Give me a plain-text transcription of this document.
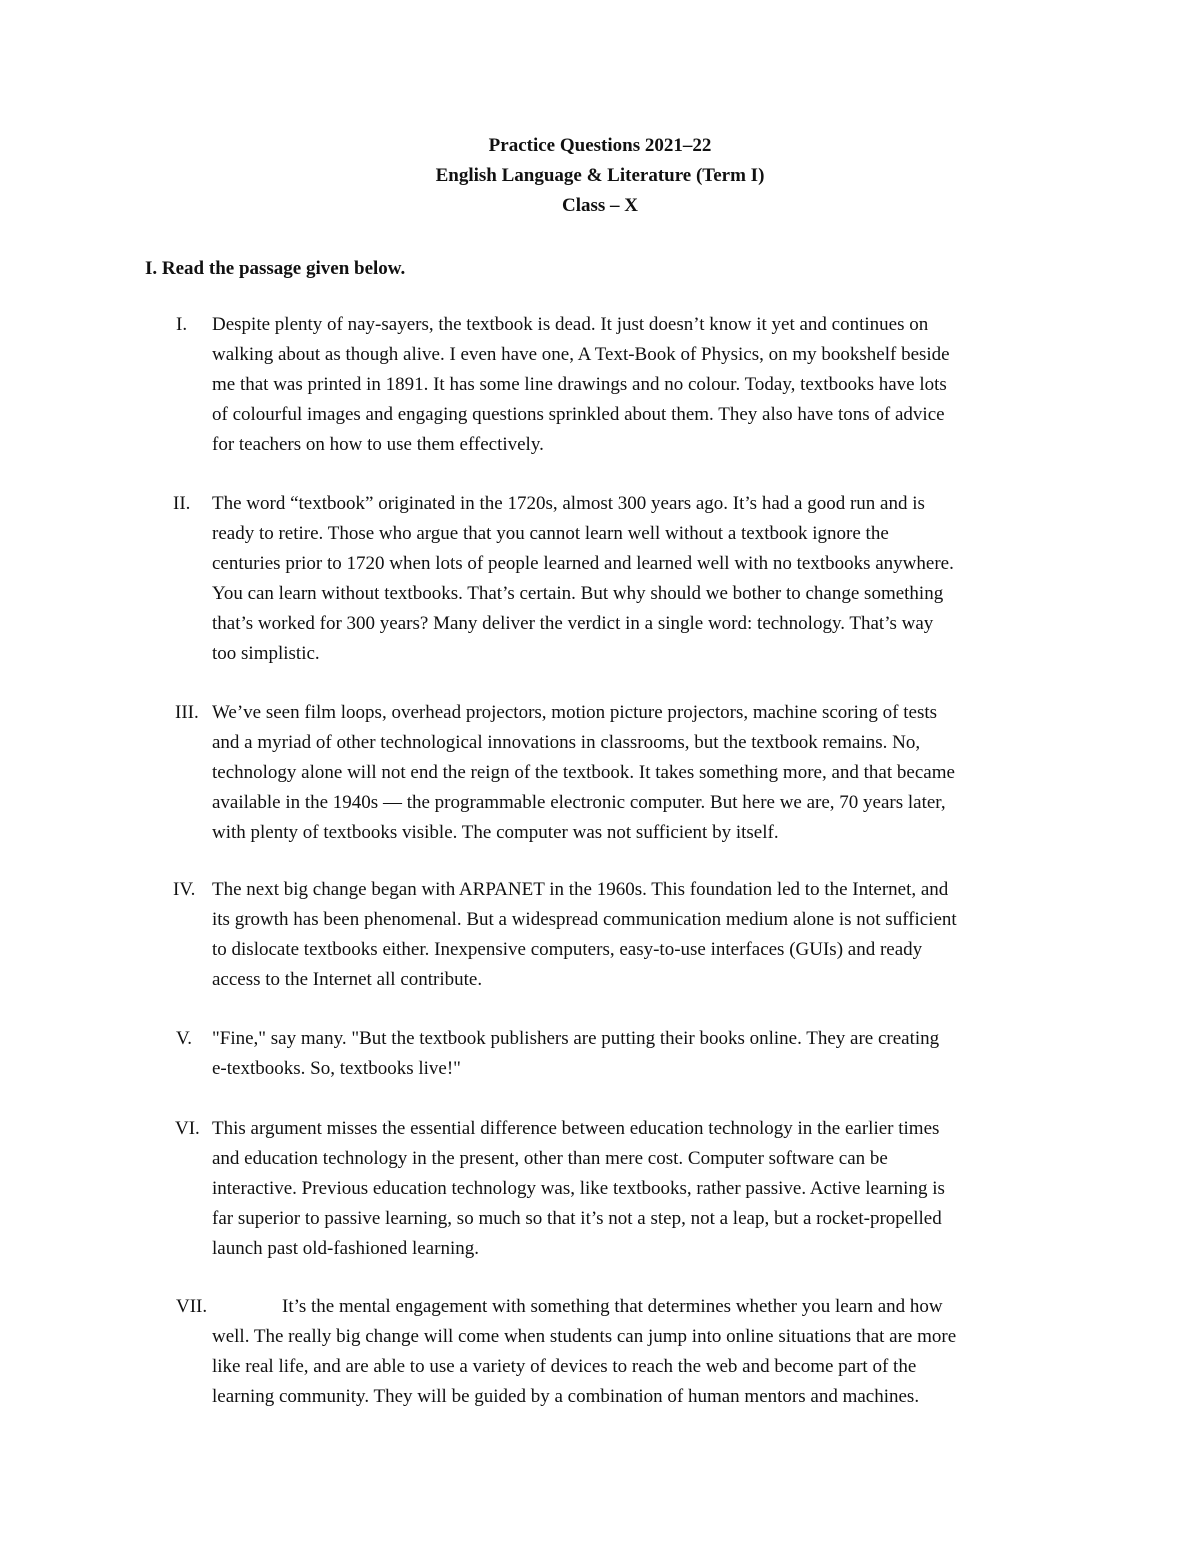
Practice Questions 2021–22
English Language & Literature (Term I)
Class – X
I. Read the passage given below.
I. Despite plenty of nay-sayers, the textbook is dead. It just doesn’t know it yet and continues on
walking about as though alive. I even have one, A Text-Book of Physics, on my bookshelf beside
me that was printed in 1891. It has some line drawings and no colour. Today, textbooks have lots
of colourful images and engaging questions sprinkled about them. They also have tons of advice
for teachers on how to use them effectively.
II. The word “textbook” originated in the 1720s, almost 300 years ago. It’s had a good run and is
ready to retire. Those who argue that you cannot learn well without a textbook ignore the
centuries prior to 1720 when lots of people learned and learned well with no textbooks anywhere.
You can learn without textbooks. That’s certain. But why should we bother to change something
that’s worked for 300 years? Many deliver the verdict in a single word: technology. That’s way
too simplistic.
III. We’ve seen film loops, overhead projectors, motion picture projectors, machine scoring of tests
and a myriad of other technological innovations in classrooms, but the textbook remains. No,
technology alone will not end the reign of the textbook. It takes something more, and that became
available in the 1940s — the programmable electronic computer. But here we are, 70 years later,
with plenty of textbooks visible. The computer was not sufficient by itself.
IV. The next big change began with ARPANET in the 1960s. This foundation led to the Internet, and
its growth has been phenomenal. But a widespread communication medium alone is not sufficient
to dislocate textbooks either. Inexpensive computers, easy-to-use interfaces (GUIs) and ready
access to the Internet all contribute.
V. "Fine," say many. "But the textbook publishers are putting their books online. They are creating
e-textbooks. So, textbooks live!"
VI. This argument misses the essential difference between education technology in the earlier times
and education technology in the present, other than mere cost. Computer software can be
interactive. Previous education technology was, like textbooks, rather passive. Active learning is
far superior to passive learning, so much so that it’s not a step, not a leap, but a rocket-propelled
launch past old-fashioned learning.
VII.	It’s the mental engagement with something that determines whether you learn and how
well. The really big change will come when students can jump into online situations that are more
like real life, and are able to use a variety of devices to reach the web and become part of the
learning community. They will be guided by a combination of human mentors and machines.
